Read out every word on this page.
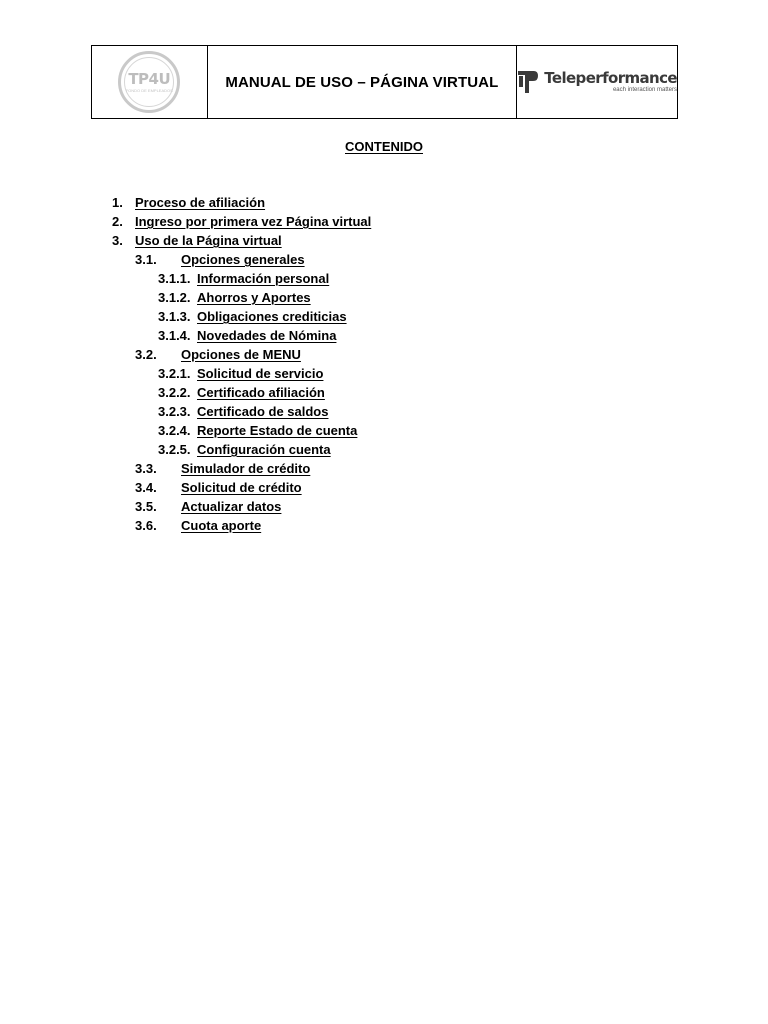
TP4U
FONDO DE EMPLEADOS	MANUAL DE USO – PÁGINA VIRTUAL	Teleperformance
each interaction matters
CONTENIDO
1. Proceso de afiliación
2. Ingreso por primera vez Página virtual
3. Uso de la Página virtual
3.1. Opciones generales
3.1.1. Información personal
3.1.2. Ahorros y Aportes
3.1.3. Obligaciones crediticias
3.1.4. Novedades de Nómina
3.2. Opciones de MENU
3.2.1. Solicitud de servicio
3.2.2. Certificado afiliación
3.2.3. Certificado de saldos
3.2.4. Reporte Estado de cuenta
3.2.5. Configuración cuenta
3.3. Simulador de crédito
3.4. Solicitud de crédito
3.5. Actualizar datos
3.6. Cuota aporte
